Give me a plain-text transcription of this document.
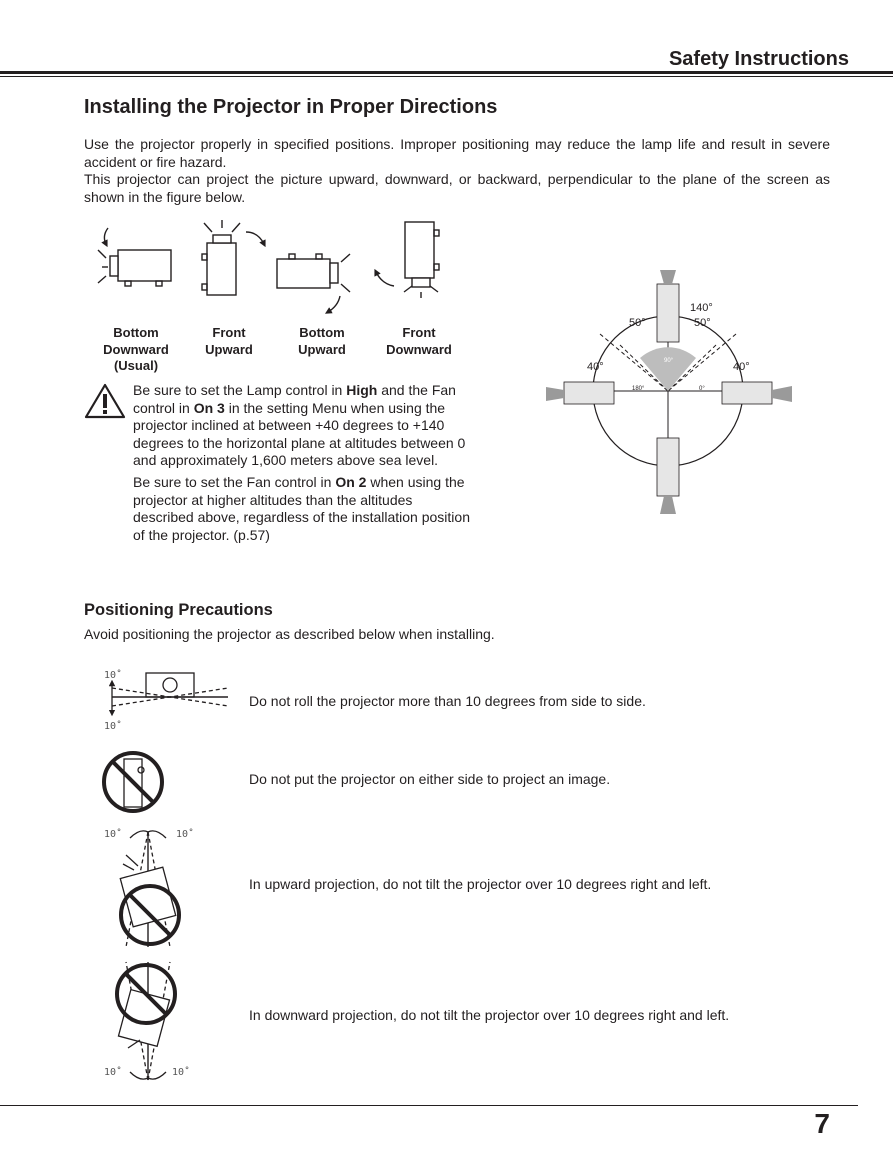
Safety Instructions
Installing the Projector in Proper Directions
Use the projector properly in specified positions. Improper positioning may reduce the lamp life and result in severe accident or fire hazard.
This projector can project the picture upward, downward, or backward, perpendicular to the plane of the screen as shown in the figure below.
140°
50°	50°
40°	40°
90°
180°	0°
Bottom
Downward
(Usual)
Front
Upward
Bottom
Upward
Front
Downward
Be sure to set the Lamp control in High and the Fan control in On 3 in the setting Menu when using the projector inclined at between +40 degrees to +140 degrees to the horizontal plane at altitudes between 0 and approximately 1,600 meters above sea level.
Be sure to set the Fan control in On 2 when using the projector at higher altitudes than the altitudes described above, regardless of the installation position of the projector. (p.57)
Positioning Precautions
Avoid positioning the projector as described below when installing.
10˚
10˚
10˚	10˚
10˚	10˚
Do not roll the projector more than 10 degrees from side to side.
Do not put the projector on either side to project an image.
In upward projection, do not tilt the projector over 10 degrees right and left.
In downward projection, do not tilt the projector over 10 degrees right and left.
7
